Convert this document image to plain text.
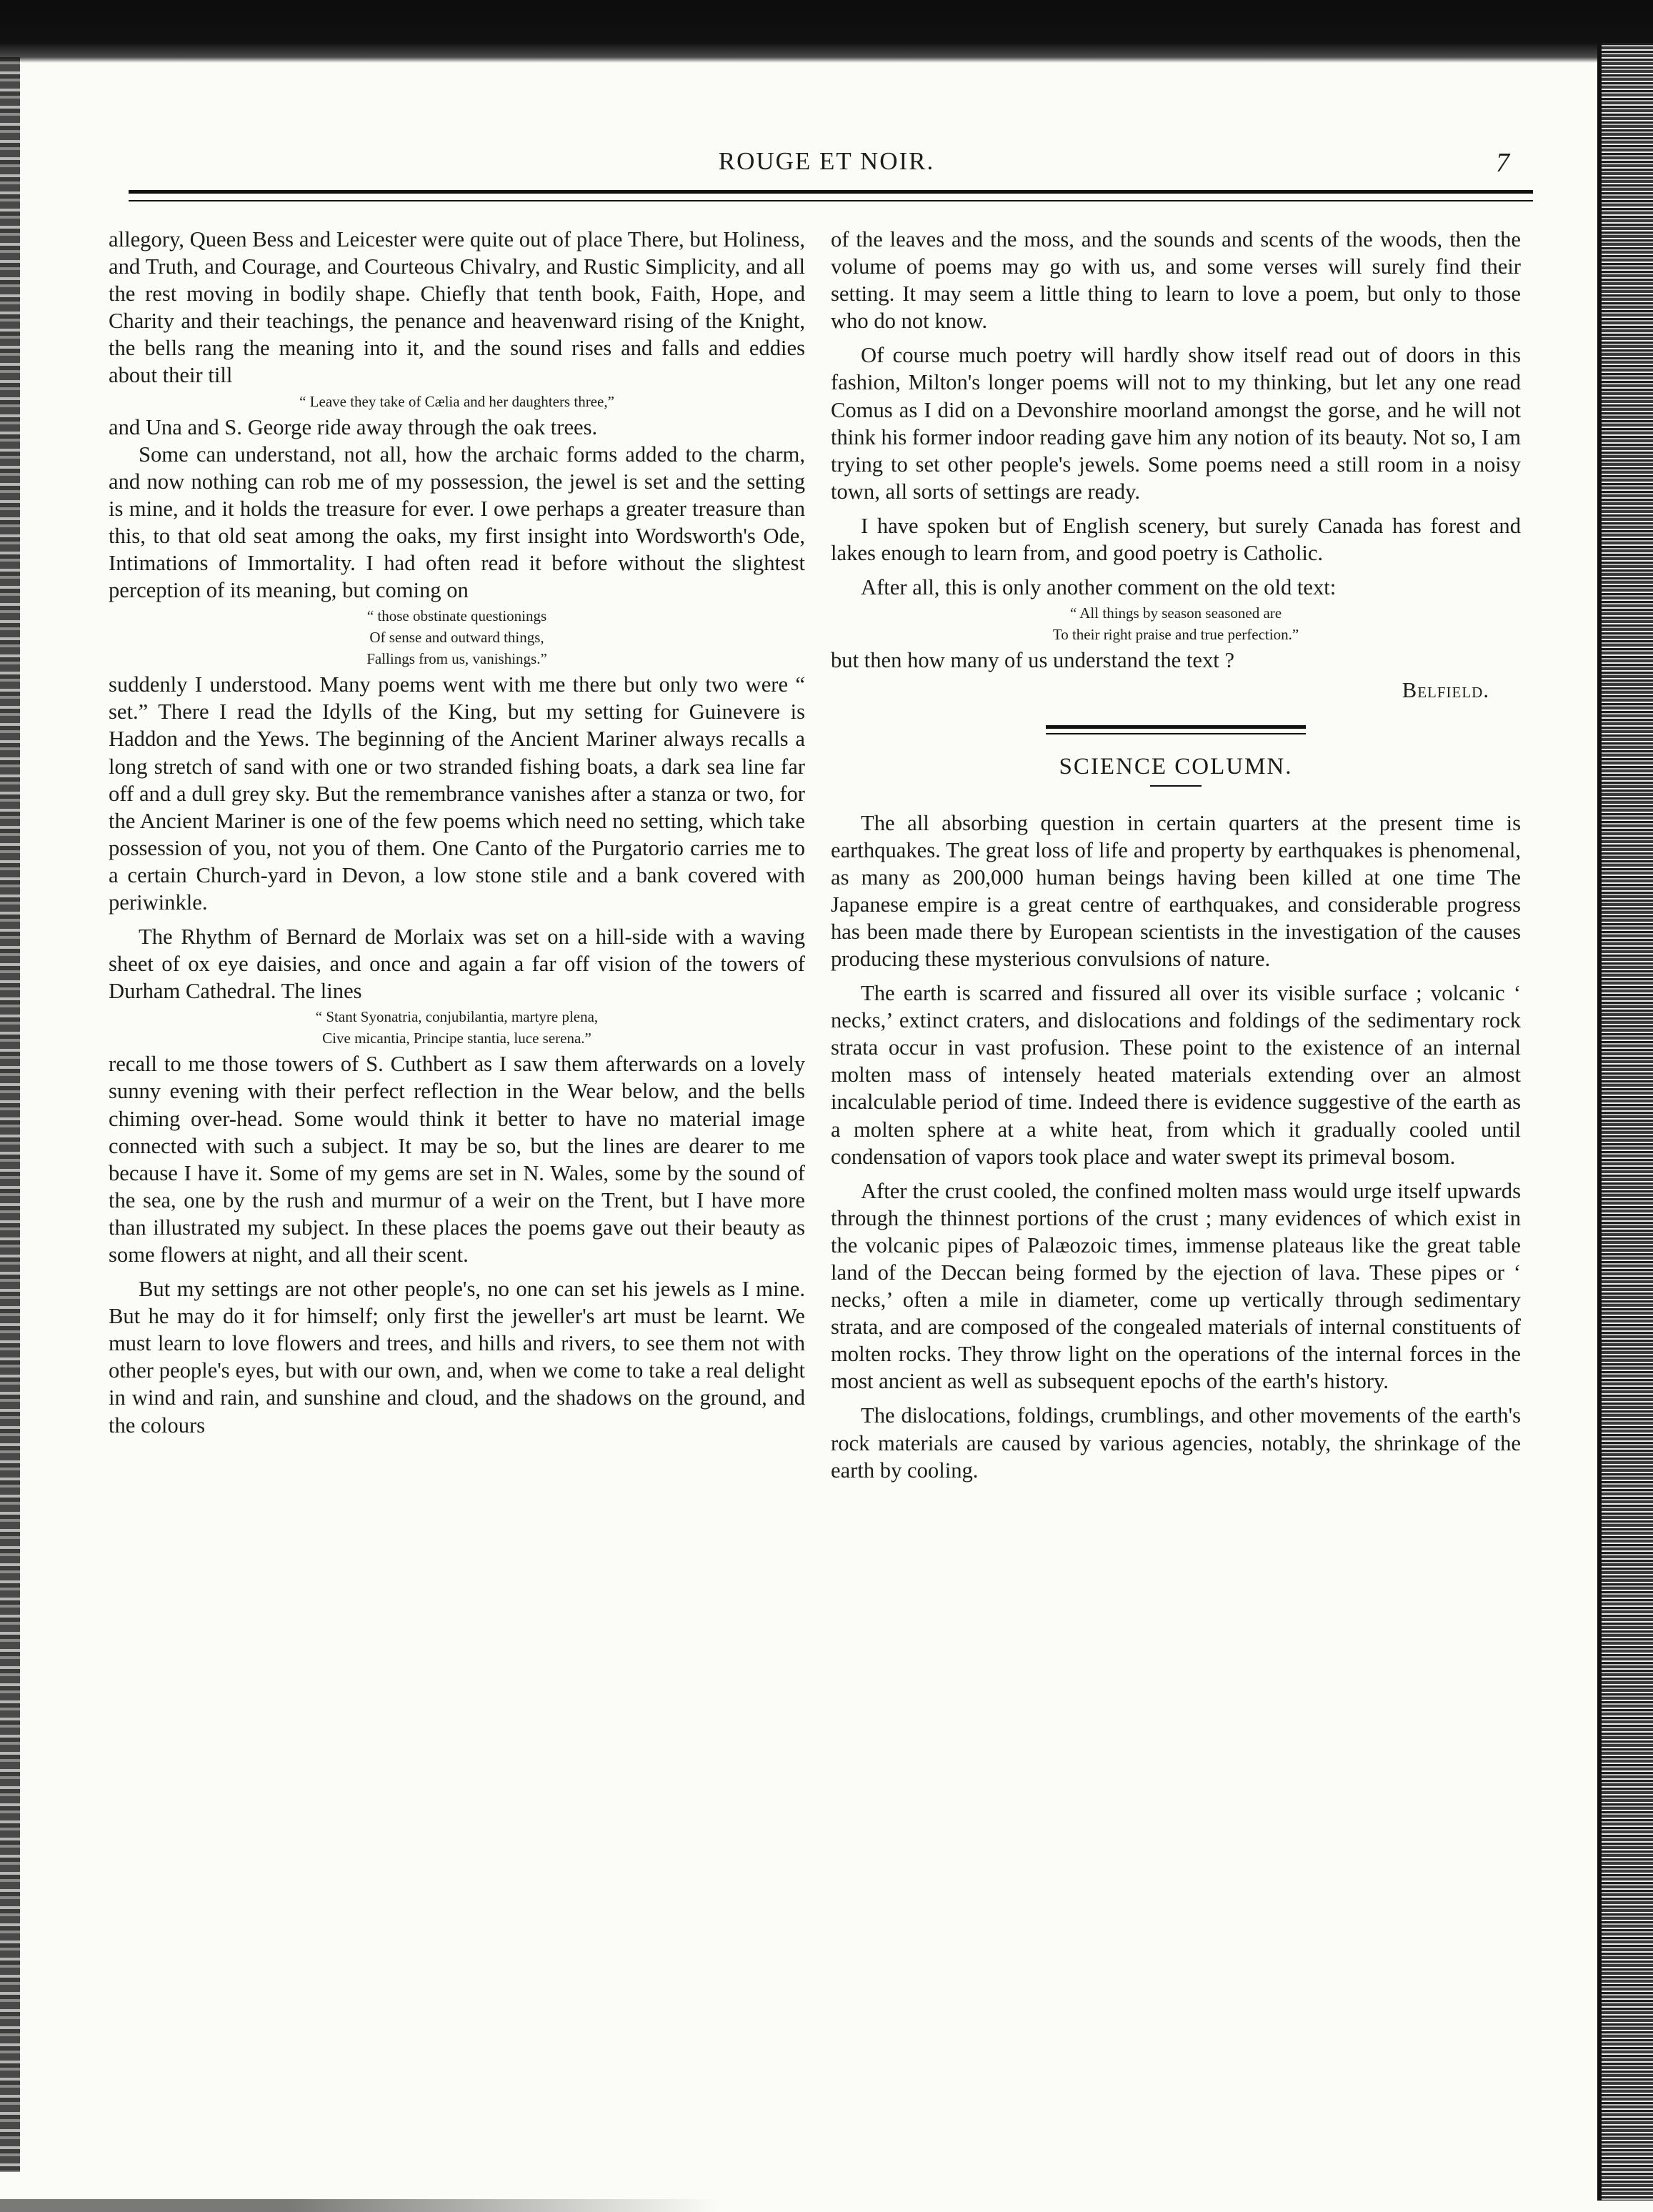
ROUGE ET NOIR.	7

allegory, Queen Bess and Leicester were quite out of place There, but Holiness, and Truth, and Courage, and Courteous Chivalry, and Rustic Simplicity, and all the rest moving in bodily shape. Chiefly that tenth book, Faith, Hope, and Charity and their teachings, the penance and heavenward rising of the Knight, the bells rang the meaning into it, and the sound rises and falls and eddies about their till

“ Leave they take of Cælia and her daughters three,”

and Una and S. George ride away through the oak trees.

Some can understand, not all, how the archaic forms added to the charm, and now nothing can rob me of my possession, the jewel is set and the setting is mine, and it holds the treasure for ever. I owe perhaps a greater treasure than this, to that old seat among the oaks, my first insight into Wordsworth's Ode, Intimations of Immortality. I had often read it before without the slightest perception of its meaning, but coming on

“ those obstinate questionings
Of sense and outward things,
Fallings from us, vanishings.”

suddenly I understood. Many poems went with me there but only two were “ set.” There I read the Idylls of the King, but my setting for Guinevere is Haddon and the Yews. The beginning of the Ancient Mariner always recalls a long stretch of sand with one or two stranded fishing boats, a dark sea line far off and a dull grey sky. But the remembrance vanishes after a stanza or two, for the Ancient Mariner is one of the few poems which need no setting, which take possession of you, not you of them. One Canto of the Purgatorio carries me to a certain Church-yard in Devon, a low stone stile and a bank covered with periwinkle.

The Rhythm of Bernard de Morlaix was set on a hill-side with a waving sheet of ox eye daisies, and once and again a far off vision of the towers of Durham Cathedral. The lines

“ Stant Syonatria, conjubilantia, martyre plena,
Cive micantia, Principe stantia, luce serena.”

recall to me those towers of S. Cuthbert as I saw them afterwards on a lovely sunny evening with their perfect reflection in the Wear below, and the bells chiming over-head. Some would think it better to have no material image connected with such a subject. It may be so, but the lines are dearer to me because I have it. Some of my gems are set in N. Wales, some by the sound of the sea, one by the rush and murmur of a weir on the Trent, but I have more than illustrated my subject. In these places the poems gave out their beauty as some flowers at night, and all their scent.

But my settings are not other people's, no one can set his jewels as I mine. But he may do it for himself; only first the jeweller's art must be learnt. We must learn to love flowers and trees, and hills and rivers, to see them not with other people's eyes, but with our own, and, when we come to take a real delight in wind and rain, and sunshine and cloud, and the shadows on the ground, and the colours

of the leaves and the moss, and the sounds and scents of the woods, then the volume of poems may go with us, and some verses will surely find their setting. It may seem a little thing to learn to love a poem, but only to those who do not know.

Of course much poetry will hardly show itself read out of doors in this fashion, Milton's longer poems will not to my thinking, but let any one read Comus as I did on a Devonshire moorland amongst the gorse, and he will not think his former indoor reading gave him any notion of its beauty. Not so, I am trying to set other people's jewels. Some poems need a still room in a noisy town, all sorts of settings are ready.

I have spoken but of English scenery, but surely Canada has forest and lakes enough to learn from, and good poetry is Catholic.

After all, this is only another comment on the old text:

“ All things by season seasoned are
To their right praise and true perfection.”

but then how many of us understand the text ?

Belfield.

SCIENCE COLUMN.

The all absorbing question in certain quarters at the present time is earthquakes. The great loss of life and property by earthquakes is phenomenal, as many as 200,000 human beings having been killed at one time The Japanese empire is a great centre of earthquakes, and considerable progress has been made there by European scientists in the investigation of the causes producing these mysterious convulsions of nature.

The earth is scarred and fissured all over its visible surface ; volcanic ‘ necks,’ extinct craters, and dislocations and foldings of the sedimentary rock strata occur in vast profusion. These point to the existence of an internal molten mass of intensely heated materials extending over an almost incalculable period of time. Indeed there is evidence suggestive of the earth as a molten sphere at a white heat, from which it gradually cooled until condensation of vapors took place and water swept its primeval bosom.

After the crust cooled, the confined molten mass would urge itself upwards through the thinnest portions of the crust ; many evidences of which exist in the volcanic pipes of Palæozoic times, immense plateaus like the great table land of the Deccan being formed by the ejection of lava. These pipes or ‘ necks,’ often a mile in diameter, come up vertically through sedimentary strata, and are composed of the congealed materials of internal constituents of molten rocks. They throw light on the operations of the internal forces in the most ancient as well as subsequent epochs of the earth's history.

The dislocations, foldings, crumblings, and other movements of the earth's rock materials are caused by various agencies, notably, the shrinkage of the earth by cooling.
